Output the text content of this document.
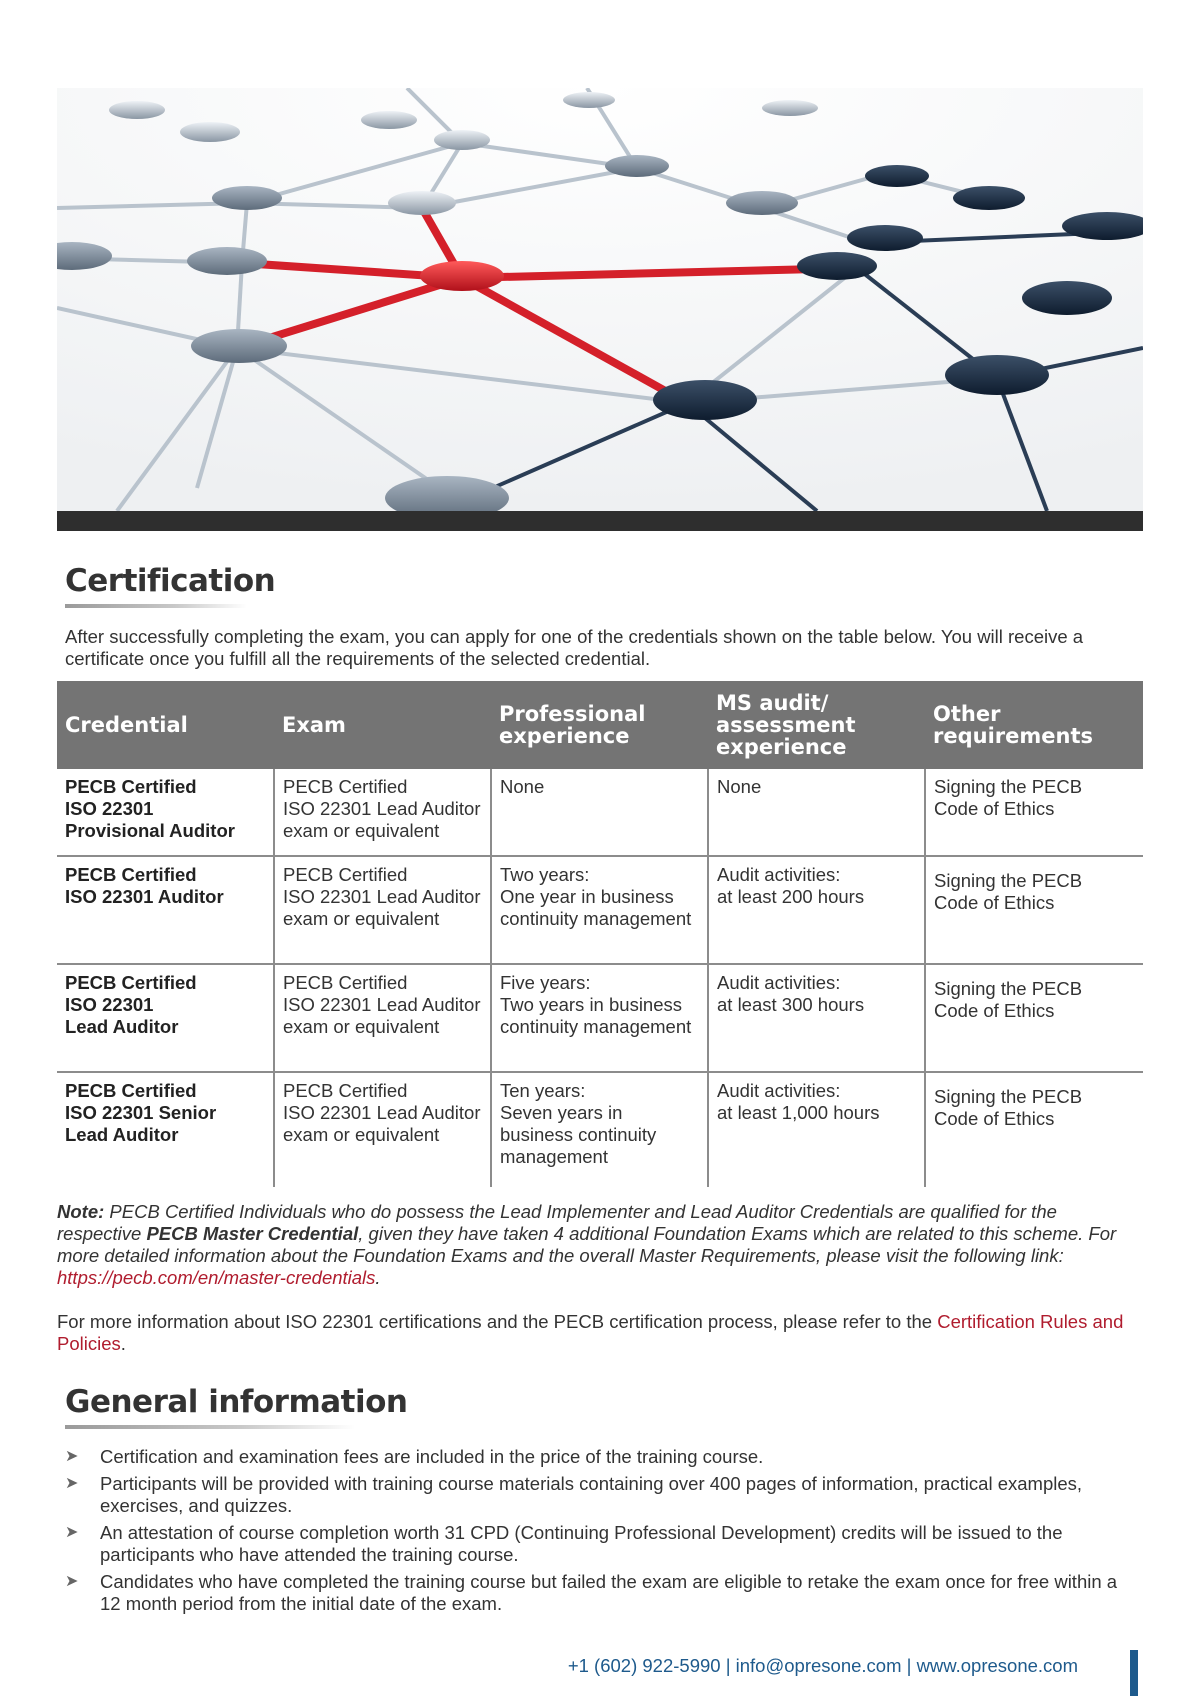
Certification
After successfully completing the exam, you can apply for one of the credentials shown on the table below. You will receive a certificate once you fulfill all the requirements of the selected credential.
Credential	Exam	Professional experience	MS audit/ assessment experience	Other requirements

PECB Certified
ISO 22301
Provisional Auditor	PECB Certified
ISO 22301 Lead Auditor
exam or equivalent	None	None	Signing the PECB
Code of Ethics

PECB Certified
ISO 22301 Auditor	PECB Certified
ISO 22301 Lead Auditor
exam or equivalent	Two years:
One year in business
continuity management	Audit activities:
at least 200 hours	Signing the PECB
Code of Ethics

PECB Certified
ISO 22301
Lead Auditor	PECB Certified
ISO 22301 Lead Auditor
exam or equivalent	Five years:
Two years in business
continuity management	Audit activities:
at least 300 hours	Signing the PECB
Code of Ethics

PECB Certified
ISO 22301 Senior
Lead Auditor	PECB Certified
ISO 22301 Lead Auditor
exam or equivalent	Ten years:
Seven years in
business continuity
management	Audit activities:
at least 1,000 hours	Signing the PECB
Code of Ethics
Note: PECB Certified Individuals who do possess the Lead Implementer and Lead Auditor Credentials are qualified for the respective PECB Master Credential, given they have taken 4 additional Foundation Exams which are related to this scheme. For more detailed information about the Foundation Exams and the overall Master Requirements, please visit the following link: https://pecb.com/en/master-credentials.
For more information about ISO 22301 certifications and the PECB certification process, please refer to the Certification Rules and Policies.
General information
➤ Certification and examination fees are included in the price of the training course.
➤ Participants will be provided with training course materials containing over 400 pages of information, practical examples, exercises, and quizzes.
➤ An attestation of course completion worth 31 CPD (Continuing Professional Development) credits will be issued to the participants who have attended the training course.
➤ Candidates who have completed the training course but failed the exam are eligible to retake the exam once for free within a 12 month period from the initial date of the exam.
+1 (602) 922-5990 | info@opresone.com | www.opresone.com
